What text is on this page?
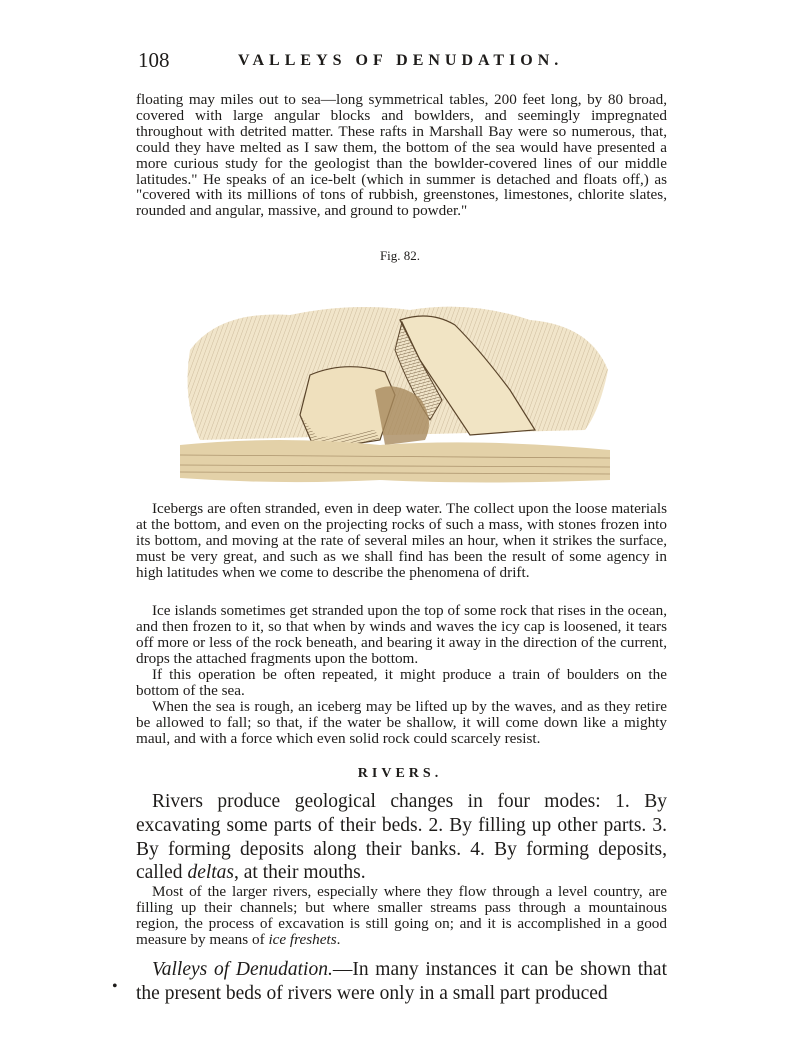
108	VALLEYS OF DENUDATION.

floating may miles out to sea—long symmetrical tables, 200 feet long, by 80 broad, covered with large angular blocks and bowlders, and seemingly impregnated throughout with detrited matter. These rafts in Marshall Bay were so numerous, that, could they have melted as I saw them, the bottom of the sea would have presented a more curious study for the geologist than the bowlder-covered lines of our middle latitudes." He speaks of an ice-belt (which in summer is detached and floats off,) as "covered with its millions of tons of rubbish, greenstones, limestones, chlorite slates, rounded and angular, massive, and ground to powder."

Fig. 82.

Icebergs are often stranded, even in deep water. The collect upon the loose materials at the bottom, and even on the projecting rocks of such a mass, with stones frozen into its bottom, and moving at the rate of several miles an hour, when it strikes the surface, must be very great, and such as we shall find has been the result of some agency in high latitudes when we come to describe the phenomena of drift.

Ice islands sometimes get stranded upon the top of some rock that rises in the ocean, and then frozen to it, so that when by winds and waves the icy cap is loosened, it tears off more or less of the rock beneath, and bearing it away in the direction of the current, drops the attached fragments upon the bottom.

If this operation be often repeated, it might produce a train of boulders on the bottom of the sea.

When the sea is rough, an iceberg may be lifted up by the waves, and as they retire be allowed to fall; so that, if the water be shallow, it will come down like a mighty maul, and with a force which even solid rock could scarcely resist.

RIVERS.

Rivers produce geological changes in four modes: 1. By excavating some parts of their beds. 2. By filling up other parts. 3. By forming deposits along their banks. 4. By forming deposits, called deltas, at their mouths.

Most of the larger rivers, especially where they flow through a level country, are filling up their channels; but where smaller streams pass through a mountainous region, the process of excavation is still going on; and it is accomplished in a good measure by means of ice freshets.

•

Valleys of Denudation.—In many instances it can be shown that the present beds of rivers were only in a small part produced
